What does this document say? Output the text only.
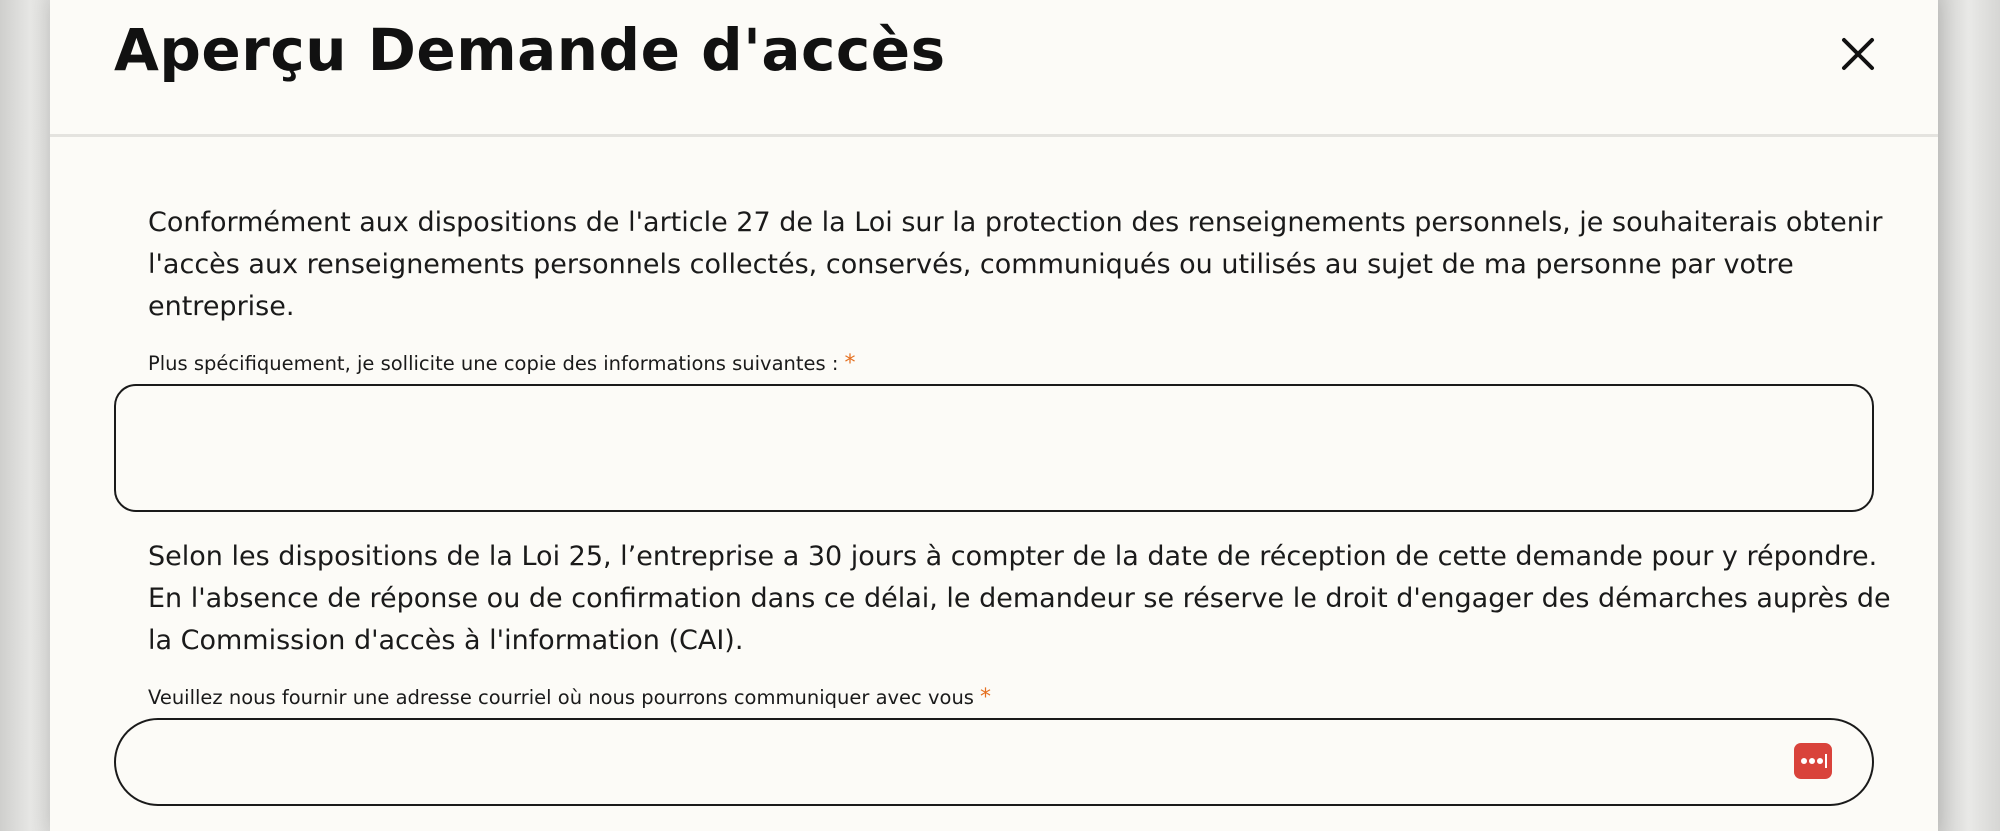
Aperçu Demande d'accès

Conformément aux dispositions de l'article 27 de la Loi sur la protection des renseignements personnels, je souhaiterais obtenir l'accès aux renseignements personnels collectés, conservés, communiqués ou utilisés au sujet de ma personne par votre entreprise.

Plus spécifiquement, je sollicite une copie des informations suivantes : *

Selon les dispositions de la Loi 25, l’entreprise a 30 jours à compter de la date de réception de cette demande pour y répondre. En l'absence de réponse ou de confirmation dans ce délai, le demandeur se réserve le droit d'engager des démarches auprès de la Commission d'accès à l'information (CAI).

Veuillez nous fournir une adresse courriel où nous pourrons communiquer avec vous *
